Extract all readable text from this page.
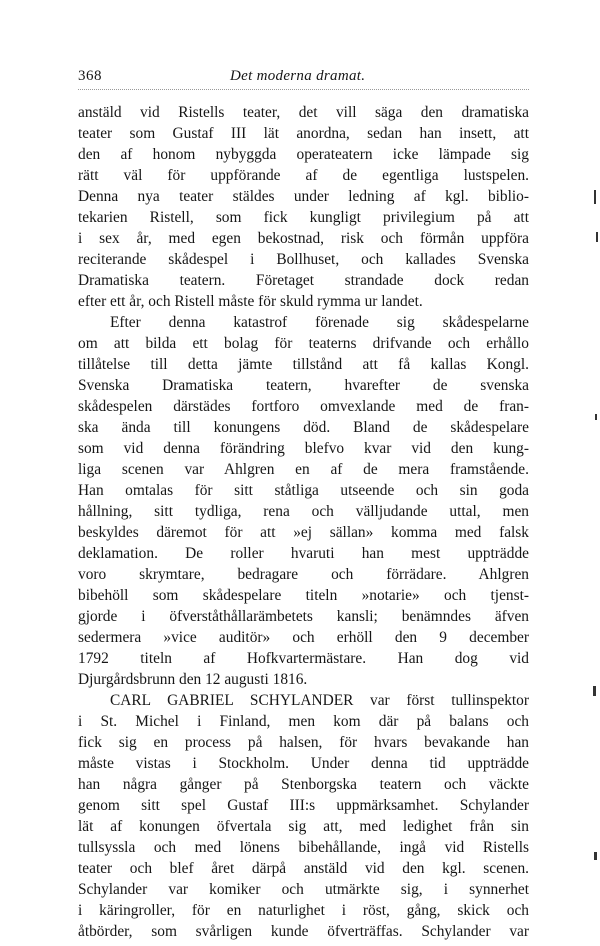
368	Det moderna dramat.
anstäld vid Ristells teater, det vill säga den dramatiska
teater som Gustaf III lät anordna, sedan han insett, att
den af honom nybyggda operateatern icke lämpade sig
rätt väl för uppförande af de egentliga lustspelen.
Denna nya teater stäldes under ledning af kgl. biblio-
tekarien Ristell, som fick kungligt privilegium på att
i sex år, med egen bekostnad, risk och förmån uppföra
reciterande skådespel i Bollhuset, och kallades Svenska
Dramatiska teatern. Företaget strandade dock redan
efter ett år, och Ristell måste för skuld rymma ur landet.
Efter denna katastrof förenade sig skådespelarne
om att bilda ett bolag för teaterns drifvande och erhållo
tillåtelse till detta jämte tillstånd att få kallas Kongl.
Svenska Dramatiska teatern, hvarefter de svenska
skådespelen därstädes fortforo omvexlande med de fran-
ska ända till konungens död. Bland de skådespelare
som vid denna förändring blefvo kvar vid den kung-
liga scenen var Ahlgren en af de mera framstående.
Han omtalas för sitt ståtliga utseende och sin goda
hållning, sitt tydliga, rena och välljudande uttal, men
beskyldes däremot för att »ej sällan» komma med falsk
deklamation. De roller hvaruti han mest uppträdde
voro skrymtare, bedragare och förrädare. Ahlgren
bibehöll som skådespelare titeln »notarie» och tjenst-
gjorde i öfverståthållarämbetets kansli; benämndes äfven
sedermera »vice auditör» och erhöll den 9 december
1792 titeln af Hofkvartermästare. Han dog vid
Djurgårdsbrunn den 12 augusti 1816.
CARL GABRIEL SCHYLANDER var först tullinspektor
i St. Michel i Finland, men kom där på balans och
fick sig en process på halsen, för hvars bevakande han
måste vistas i Stockholm. Under denna tid uppträdde
han några gånger på Stenborgska teatern och väckte
genom sitt spel Gustaf III:s uppmärksamhet. Schylander
lät af konungen öfvertala sig att, med ledighet från sin
tullsyssla och med lönens bibehållande, ingå vid Ristells
teater och blef året därpå anstäld vid den kgl. scenen.
Schylander var komiker och utmärkte sig, i synnerhet
i käringroller, för en naturlighet i röst, gång, skick och
åtbörder, som svårligen kunde öfverträffas. Schylander var
